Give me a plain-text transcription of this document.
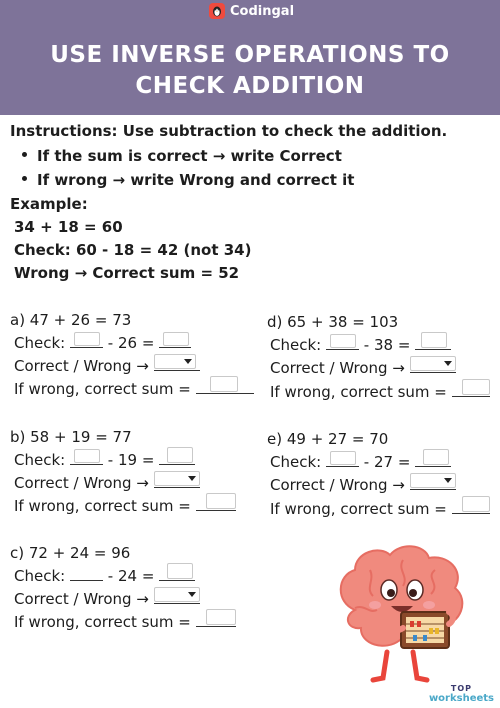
Codingal
USE INVERSE OPERATIONS TO
CHECK ADDITION
Instructions: Use subtraction to check the addition.
If the sum is correct → write Correct
If wrong → write Wrong and correct it
Example:
34 + 18 = 60
Check: 60 - 18 = 42 (not 34)
Wrong → Correct sum = 52
a) 47 + 26 = 73
Check:	- 26 =
Correct / Wrong →
If wrong, correct sum =
b) 58 + 19 = 77
Check:	- 19 =
Correct / Wrong →
If wrong, correct sum =
c) 72 + 24 = 96
Check:	- 24 =
Correct / Wrong →
If wrong, correct sum =
d) 65 + 38 = 103
Check:	- 38 =
Correct / Wrong →
If wrong, correct sum =
e) 49 + 27 = 70
Check:	- 27 =
Correct / Wrong →
If wrong, correct sum =
TOP
worksheets
